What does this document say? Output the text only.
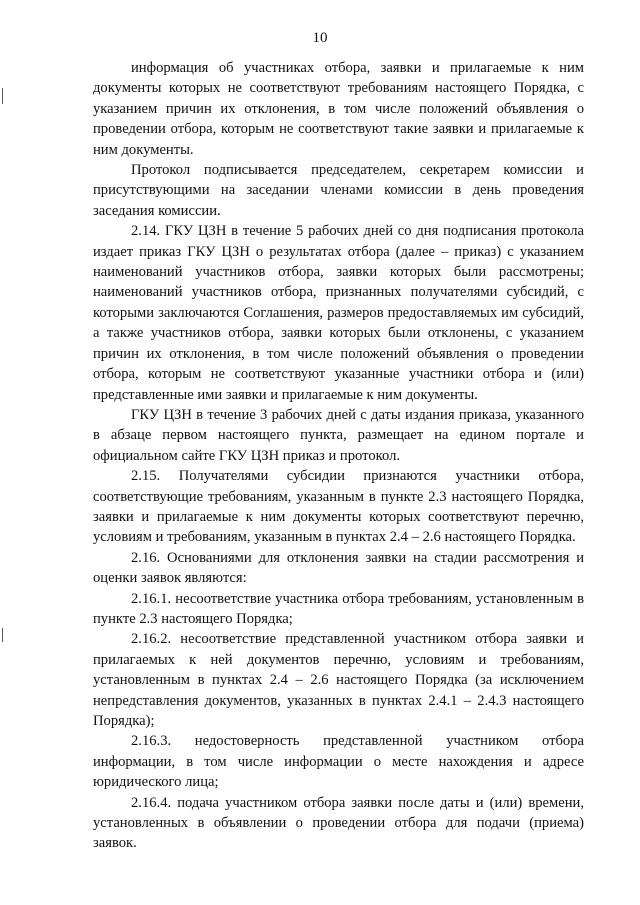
10

информация об участниках отбора, заявки и прилагаемые к ним документы которых не соответствуют требованиям настоящего Порядка, с указанием причин их отклонения, в том числе положений объявления о проведении отбора, которым не соответствуют такие заявки и прилагаемые к ним документы.

Протокол подписывается председателем, секретарем комиссии и присутствующими на заседании членами комиссии в день проведения заседания комиссии.

2.14. ГКУ ЦЗН в течение 5 рабочих дней со дня подписания протокола издает приказ ГКУ ЦЗН о результатах отбора (далее – приказ) с указанием наименований участников отбора, заявки которых были рассмотрены; наименований участников отбора, признанных получателями субсидий, с которыми заключаются Соглашения, размеров предоставляемых им субсидий, а также участников отбора, заявки которых были отклонены, с указанием причин их отклонения, в том числе положений объявления о проведении отбора, которым не соответствуют указанные участники отбора и (или) представленные ими заявки и прилагаемые к ним документы.

ГКУ ЦЗН в течение 3 рабочих дней с даты издания приказа, указанного в абзаце первом настоящего пункта, размещает на едином портале и официальном сайте ГКУ ЦЗН приказ и протокол.

2.15. Получателями субсидии признаются участники отбора, соответствующие требованиям, указанным в пункте 2.3 настоящего Порядка, заявки и прилагаемые к ним документы которых соответствуют перечню, условиям и требованиям, указанным в пунктах 2.4 – 2.6 настоящего Порядка.

2.16. Основаниями для отклонения заявки на стадии рассмотрения и оценки заявок являются:

2.16.1. несоответствие участника отбора требованиям, установленным в пункте 2.3 настоящего Порядка;

2.16.2. несоответствие представленной участником отбора заявки и прилагаемых к ней документов перечню, условиям и требованиям, установленным в пунктах 2.4 – 2.6 настоящего Порядка (за исключением непредставления документов, указанных в пунктах 2.4.1 – 2.4.3 настоящего Порядка);

2.16.3. недостоверность представленной участником отбора информации, в том числе информации о месте нахождения и адресе юридического лица;

2.16.4. подача участником отбора заявки после даты и (или) времени, установленных в объявлении о проведении отбора для подачи (приема) заявок.
